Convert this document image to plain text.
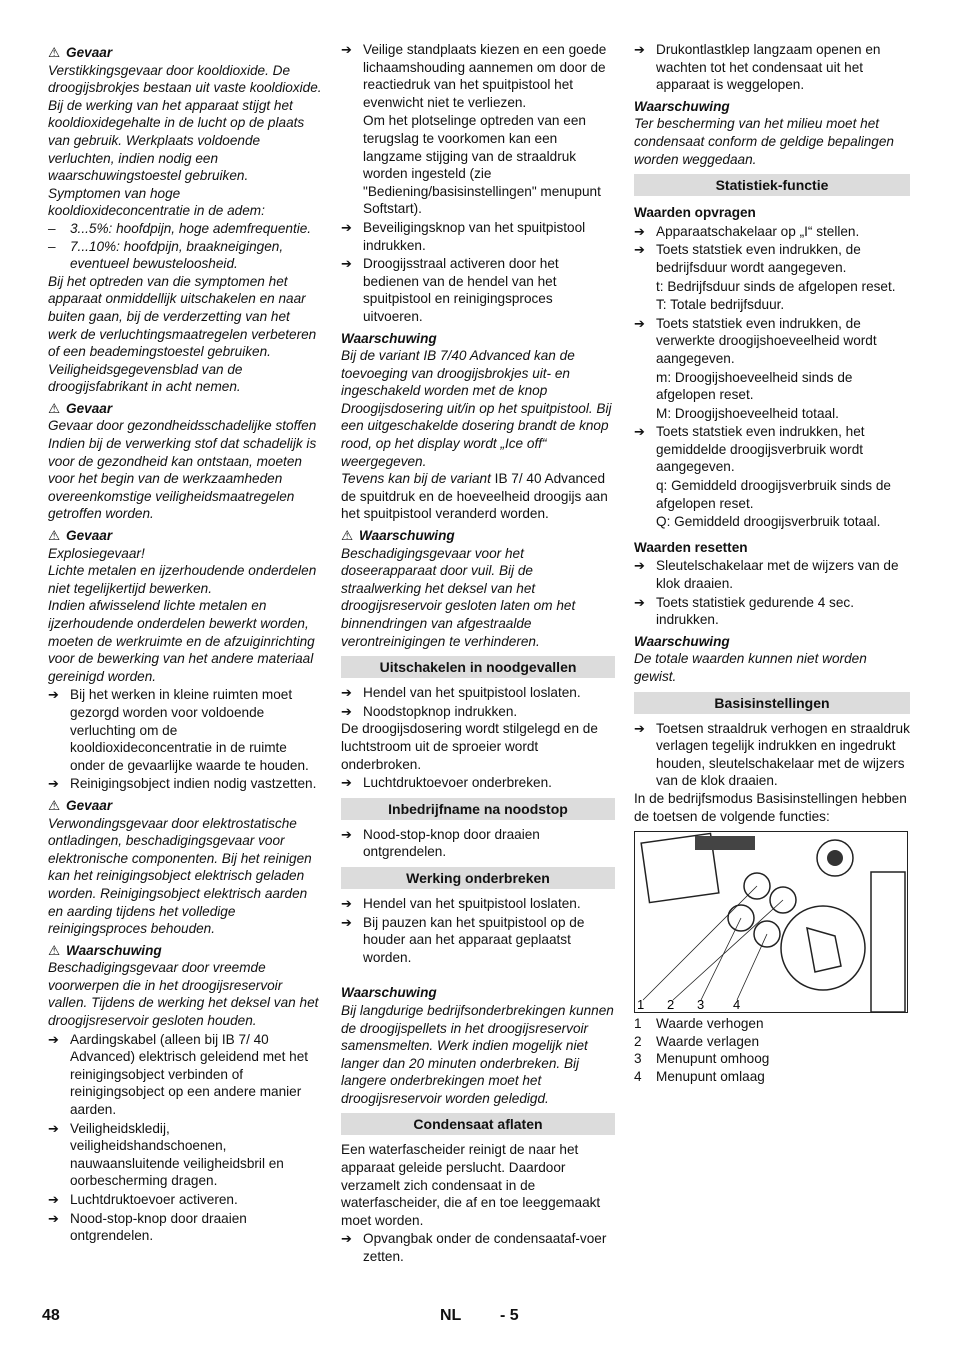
⚠ Gevaar

Verstikkingsgevaar door kooldioxide. De droogijsbrokjes bestaan uit vaste kooldioxide. Bij de werking van het apparaat stijgt het kooldioxidegehalte in de lucht op de plaats van gebruik. Werkplaats voldoende verluchten, indien nodig een waarschuwingstoestel gebruiken. Symptomen van hoge kooldioxideconcentratie in de adem:

– 3...5%: hoofdpijn, hoge ademfrequentie.
– 7...10%: hoofdpijn, braakneigingen, eventueel bewusteloosheid.

Bij het optreden van die symptomen het apparaat onmiddellijk uitschakelen en naar buiten gaan, bij de verderzetting van het werk de verluchtingsmaatregelen verbeteren of een beademingstoestel gebruiken. Veiligheidsgegevensblad van de droogijsfabrikant in acht nemen.

⚠ Gevaar

Gevaar door gezondheidsschadelijke stoffen Indien bij de verwerking stof dat schadelijk is voor de gezondheid kan ontstaan, moeten voor het begin van de werkzaamheden overeenkomstige veiligheidsmaatregelen getroffen worden.

⚠ Gevaar

Explosiegevaar!

Lichte metalen en ijzerhoudende onderdelen niet tegelijkertijd bewerken.

Indien afwisselend lichte metalen en ijzerhoudende onderdelen bewerkt worden, moeten de werkruimte en de afzuiginrichting voor de bewerking van het andere materiaal gereinigd worden.

➔ Bij het werken in kleine ruimten moet gezorgd worden voor voldoende verluchting om de kooldioxideconcentratie in de ruimte onder de gevaarlijke waarde te houden.
➔ Reinigingsobject indien nodig vastzetten.
⚠ Gevaar

Verwondingsgevaar door elektrostatische ontladingen, beschadigingsgevaar voor elektronische componenten. Bij het reinigen kan het reinigingsobject elektrisch geladen worden. Reinigingsobject elektrisch aarden en aarding tijdens het volledige reinigingsproces behouden.

⚠ Waarschuwing

Beschadigingsgevaar door vreemde voorwerpen die in het droogijsreservoir vallen. Tijdens de werking het deksel van het droogijsreservoir gesloten houden.

➔ Aardingskabel (alleen bij IB 7/ 40 Advanced) elektrisch geleidend met het reinigingsobject verbinden of reinigingsobject op een andere manier aarden.
➔ Veiligheidskledij, veiligheidshandschoenen, nauwaansluitende veiligheidsbril en oorbescherming dragen.
➔ Luchtdruktoevoer activeren.
➔ Nood-stop-knop door draaien ontgrendelen.
➔ Veilige standplaats kiezen en een goede lichaamshouding aannemen om door de reactiedruk van het spuitpistool het evenwicht niet te verliezen.
Om het plotselinge optreden van een terugslag te voorkomen kan een langzame stijging van de straaldruk worden ingesteld (zie "Bediening/basisinstellingen" menupunt Softstart).
➔ Beveiligingsknop van het spuitpistool indrukken.
➔ Droogijsstraal activeren door het bedienen van de hendel van het spuitpistool en reinigingsproces uitvoeren.
Waarschuwing

Bij de variant IB 7/40 Advanced kan de toevoeging van droogijsbrokjes uit- en ingeschakeld worden met de knop Droogijsdosering uit/in op het spuitpistool. Bij een uitgeschakelde dosering brandt de knop rood, op het display wordt „Ice off“ weergegeven.

Tevens kan bij de variant IB 7/ 40 Advanced de spuitdruk en de hoeveelheid droogijs aan het spuitpistool veranderd worden.

⚠ Waarschuwing

Beschadigingsgevaar voor het doseerapparaat door vuil. Bij de straalwerking het deksel van het droogijsreservoir gesloten laten om het binnendringen van afgestraalde verontreinigingen te verhinderen.

Uitschakelen in noodgevallen
➔ Hendel van het spuitpistool loslaten.
➔ Noodstopknop indrukken.

De droogijsdosering wordt stilgelegd en de luchtstroom uit de sproeier wordt onderbroken.

➔ Luchtdruktoevoer onderbreken.
Inbedrijfname na noodstop
➔ Nood-stop-knop door draaien ontgrendelen.
Werking onderbreken
➔ Hendel van het spuitpistool loslaten.
➔ Bij pauzen kan het spuitpistool op de houder aan het apparaat geplaatst worden.
Waarschuwing

Bij langdurige bedrijfsonderbrekingen kunnen de droogijspellets in het droogijsreservoir samensmelten. Werk indien mogelijk niet langer dan 20 minuten onderbreken. Bij langere onderbrekingen moet het droogijsreservoir worden geledigd.

Condensaat aflaten

Een waterfascheider reinigt de naar het apparaat geleide perslucht. Daardoor verzamelt zich condensaat in de waterfascheider, die af en toe leeggemaakt moet worden.

➔ Opvangbak onder de condensaataf-voer zetten.
➔ Drukontlastklep langzaam openen en wachten tot het condensaat uit het apparaat is weggelopen.
Waarschuwing

Ter bescherming van het milieu moet het condensaat conform de geldige bepalingen worden weggedaan.

Statistiek-functie
Waarden opvragen
➔ Apparaatschakelaar op „I“ stellen.
➔ Toets statstiek even indrukken, de bedrijfsduur wordt aangegeven.
t: Bedrijfsduur sinds de afgelopen reset.
T: Totale bedrijfsduur.
➔ Toets statstiek even indrukken, de verwerkte droogijshoeveelheid wordt aangegeven.
m: Droogijshoeveelheid sinds de afgelopen reset.
M: Droogijshoeveelheid totaal.
➔ Toets statstiek even indrukken, het gemiddelde droogijsverbruik wordt aangegeven.
q: Gemiddeld droogijsverbruik sinds de afgelopen reset.
Q: Gemiddeld droogijsverbruik totaal.
Waarden resetten
➔ Sleutelschakelaar met de wijzers van de klok draaien.
➔ Toets statistiek gedurende 4 sec. indrukken.
Waarschuwing

De totale waarden kunnen niet worden gewist.

Basisinstellingen
➔ Toetsen straaldruk verhogen en straaldruk verlagen tegelijk indrukken en ingedrukt houden, sleutelschakelaar met de wijzers van de klok draaien.

In de bedrijfsmodus Basisinstellingen hebben de toetsen de volgende functies:

1 2 3 4
1 Waarde verhogen
2 Waarde verlagen
3 Menupunt omhoog
4 Menupunt omlaag
48	NL - 5
